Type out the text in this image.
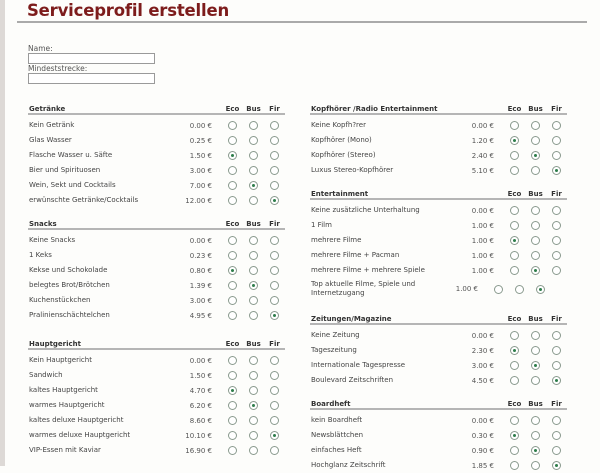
Serviceprofil erstellen
Name:
Mindeststrecke:
Getränke	Eco Bus	Fir
Kein Getränk	0.00 €
Glas Wasser	0.25 €
Flasche Wasser u. Säfte	1.50 €
Bier und Spirituosen	3.00 €
Wein, Sekt und Cocktails	7.00 €
erwünschte Getränke/Cocktails	12.00 €
Snacks	Eco Bus	Fir
Keine Snacks	0.00 €
1 Keks	0.23 €
Kekse und Schokolade	0.80 €
belegtes Brot/Brötchen	1.39 €
Kuchenstückchen	3.00 €
Pralinienschächtelchen	4.95 €
Hauptgericht	Eco Bus	Fir
Kein Hauptgericht	0.00 €
Sandwich	1.50 €
kaltes Hauptgericht	4.70 €
warmes Hauptgericht	6.20 €
kaltes deluxe Hauptgericht	8.60 €
warmes deluxe Hauptgericht	10.10 €
VIP-Essen mit Kaviar	16.90 €
Kopfhörer /Radio Entertainment	Eco Bus	Fir
Keine Kopfh?rer	0.00 €
Kopfhörer (Mono)	1.20 €
Kopfhörer (Stereo)	2.40 €
Luxus Stereo-Kopfhörer	5.10 €
Entertainment	Eco Bus	Fir
Keine zusätzliche Unterhaltung	0.00 €
1 Film	1.00 €
mehrere Filme	1.00 €
mehrere Filme + Pacman	1.00 €
mehrere Filme + mehrere Spiele	1.00 €
Top aktuelle Filme, Spiele und Internetzugang	1.00 €
Zeitungen/Magazine	Eco Bus	Fir
Keine Zeitung	0.00 €
Tageszeitung	2.30 €
Internationale Tagespresse	3.00 €
Boulevard Zeitschriften	4.50 €
Boardheft	Eco Bus	Fir
kein Boardheft	0.00 €
Newsblättchen	0.30 €
einfaches Heft	0.90 €
Hochglanz Zeitschrift	1.85 €
